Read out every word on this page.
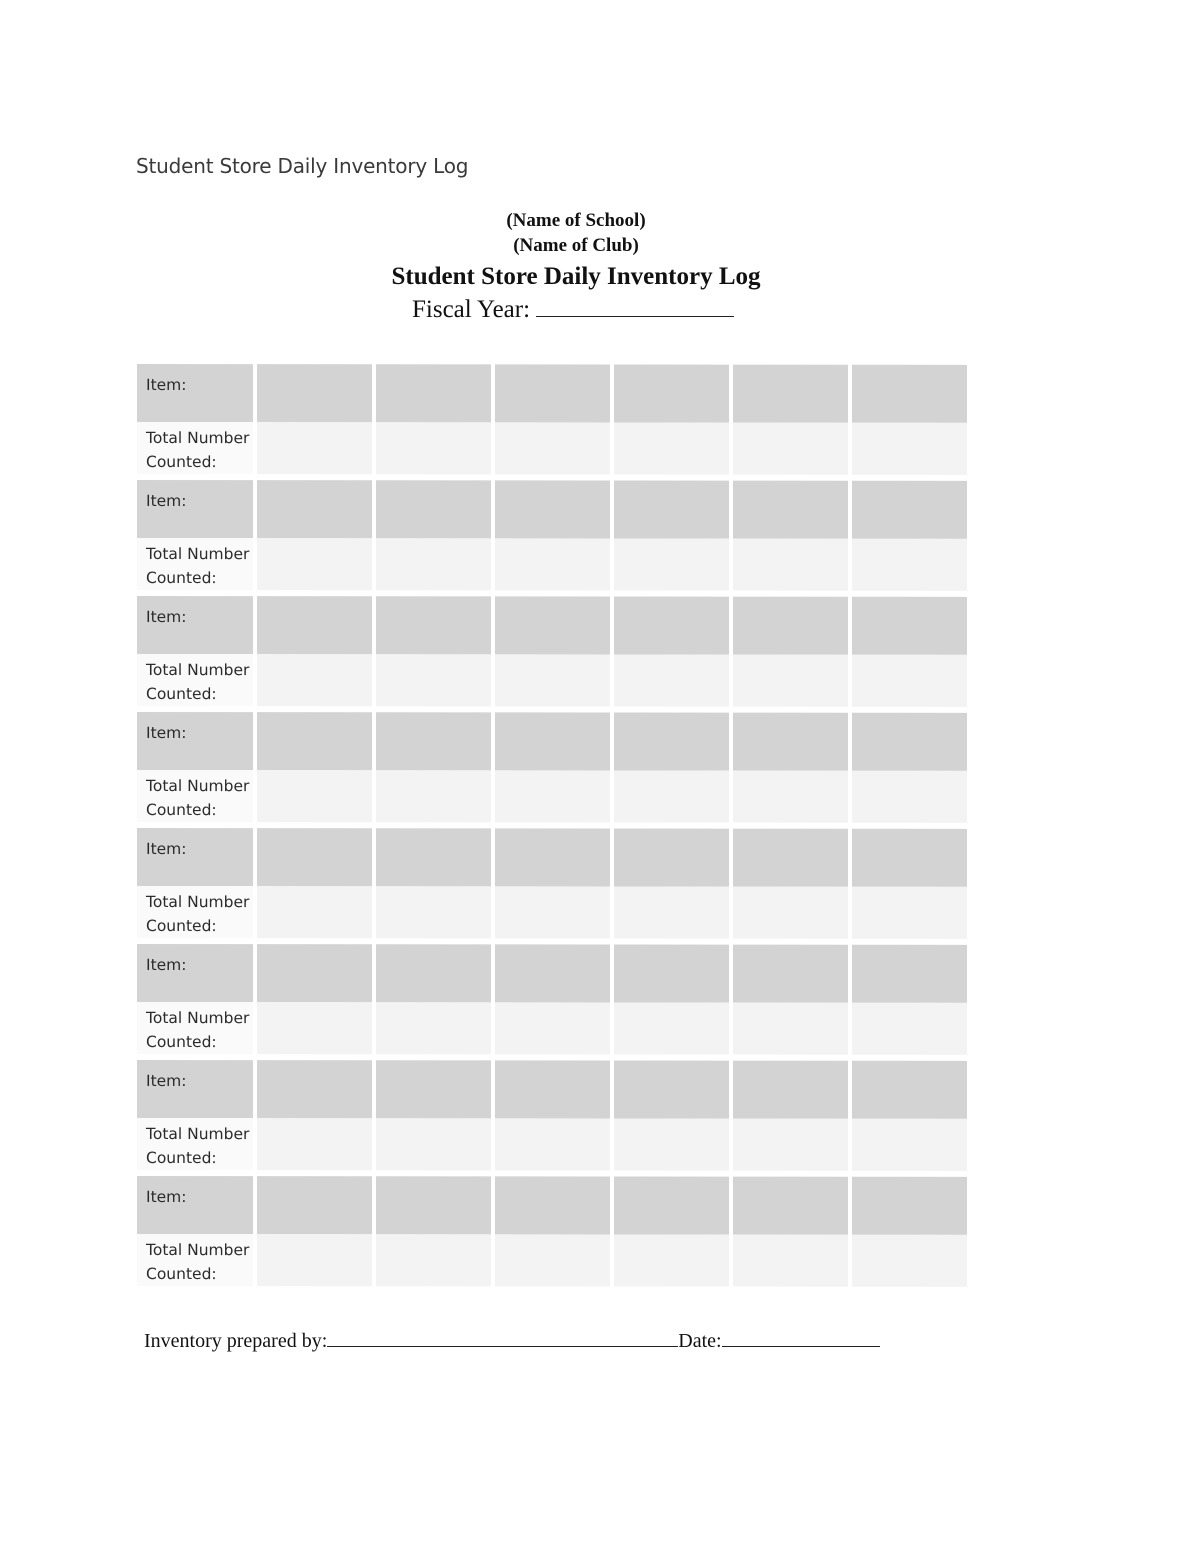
Student Store Daily Inventory Log
(Name of School)
(Name of Club)
Student Store Daily Inventory Log
Fiscal Year:
Item:
Total Number
Counted:
Item:
Total Number
Counted:
Item:
Total Number
Counted:
Item:
Total Number
Counted:
Item:
Total Number
Counted:
Item:
Total Number
Counted:
Item:
Total Number
Counted:
Item:
Total Number
Counted:
Inventory prepared by:	Date:
